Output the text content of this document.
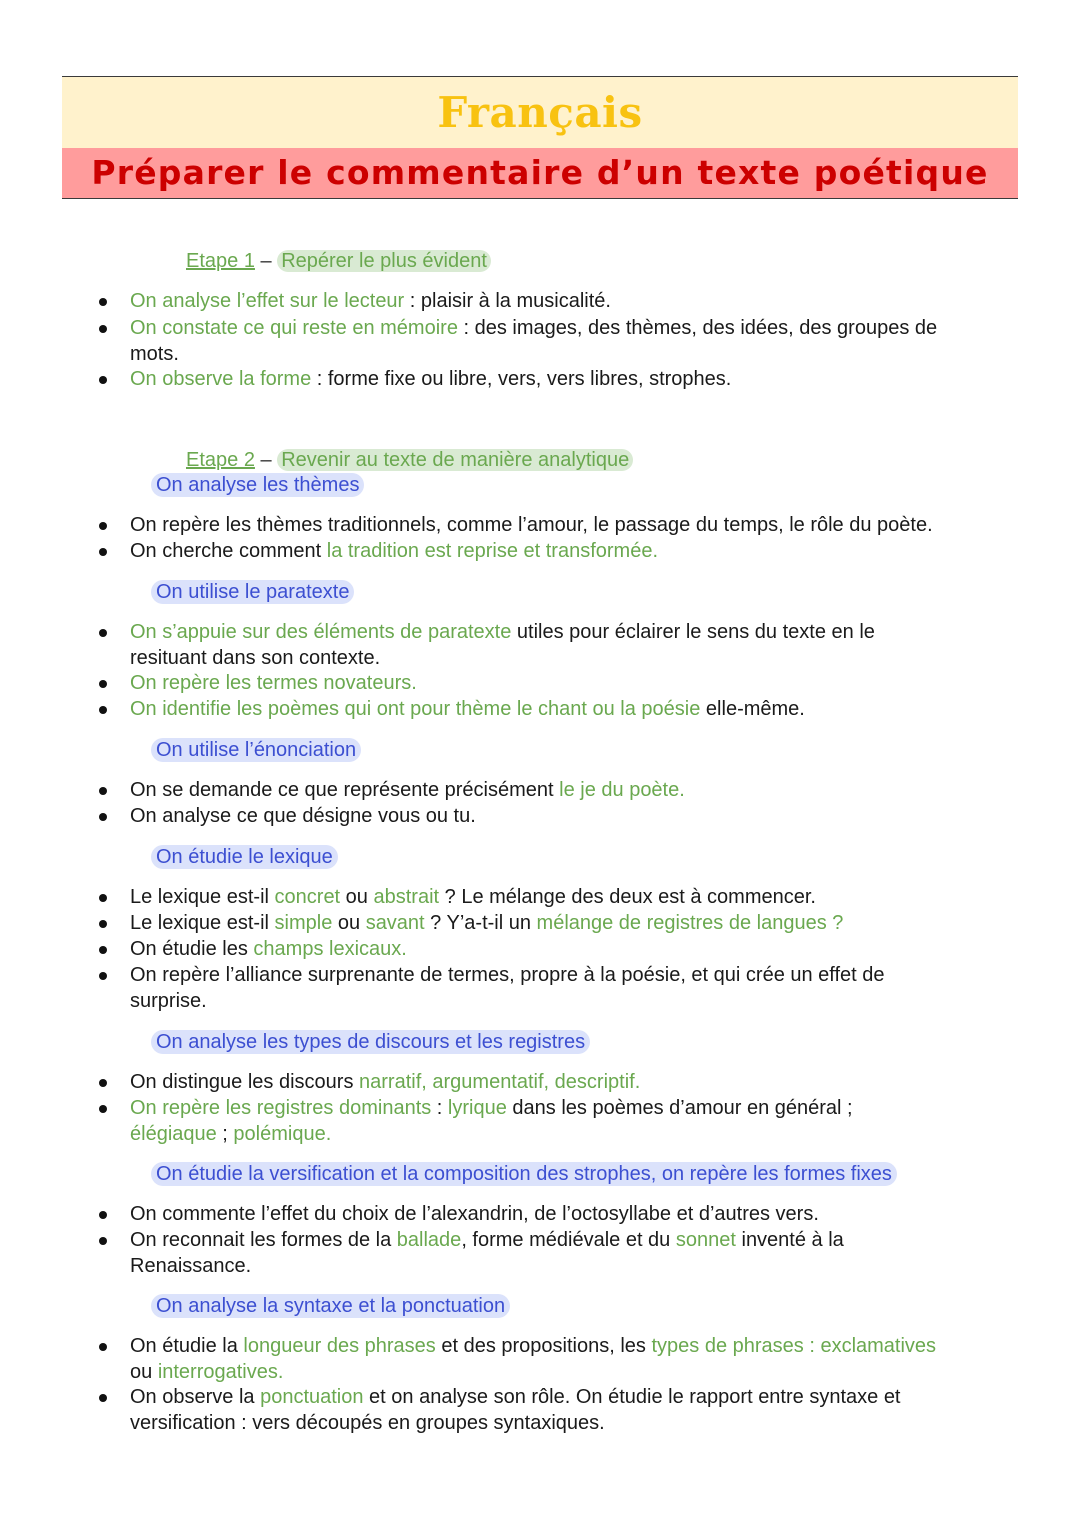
Français
Préparer le commentaire d’un texte poétique
Etape 1 – Repérer le plus évident
On analyse l’effet sur le lecteur : plaisir à la musicalité.
On constate ce qui reste en mémoire : des images, des thèmes, des idées, des groupes de
mots.
On observe la forme : forme fixe ou libre, vers, vers libres, strophes.
Etape 2 – Revenir au texte de manière analytique
On analyse les thèmes
On repère les thèmes traditionnels, comme l’amour, le passage du temps, le rôle du poète.
On cherche comment la tradition est reprise et transformée.
On utilise le paratexte
On s’appuie sur des éléments de paratexte utiles pour éclairer le sens du texte en le
resituant dans son contexte.
On repère les termes novateurs.
On identifie les poèmes qui ont pour thème le chant ou la poésie elle-même.
On utilise l’énonciation
On se demande ce que représente précisément le je du poète.
On analyse ce que désigne vous ou tu.
On étudie le lexique
Le lexique est-il concret ou abstrait ? Le mélange des deux est à commencer.
Le lexique est-il simple ou savant ? Y’a-t-il un mélange de registres de langues ?
On étudie les champs lexicaux.
On repère l’alliance surprenante de termes, propre à la poésie, et qui crée un effet de
surprise.
On analyse les types de discours et les registres
On distingue les discours narratif, argumentatif, descriptif.
On repère les registres dominants : lyrique dans les poèmes d’amour en général ;
élégiaque ; polémique.
On étudie la versification et la composition des strophes, on repère les formes fixes
On commente l’effet du choix de l’alexandrin, de l’octosyllabe et d’autres vers.
On reconnait les formes de la ballade, forme médiévale et du sonnet inventé à la
Renaissance.
On analyse la syntaxe et la ponctuation
On étudie la longueur des phrases et des propositions, les types de phrases : exclamatives
ou interrogatives.
On observe la ponctuation et on analyse son rôle. On étudie le rapport entre syntaxe et
versification : vers découpés en groupes syntaxiques.
